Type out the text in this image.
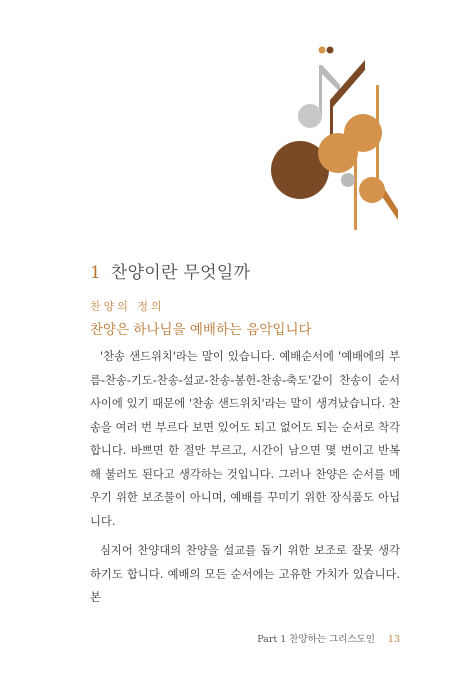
1 찬양이란 무엇일까
찬양의 정의
찬양은 하나님을 예배하는 음악입니다

'찬송 샌드위치'라는 말이 있습니다. 예배순서에 '예배에의 부름-찬송-기도-찬송-설교-찬송-봉헌-찬송-축도'같이 찬송이 순서 사이에 있기 때문에 '찬송 샌드위치'라는 말이 생겨났습니다. 찬송을 여러 번 부르다 보면 있어도 되고 없어도 되는 순서로 착각합니다. 바쁘면 한 절만 부르고, 시간이 남으면 몇 번이고 반복해 불러도 된다고 생각하는 것입니다. 그러나 찬양은 순서를 메우기 위한 보조물이 아니며, 예배를 꾸미기 위한 장식품도 아닙니다.

심지어 찬양대의 찬양을 설교를 돕기 위한 보조로 잘못 생각하기도 합니다. 예배의 모든 순서에는 고유한 가치가 있습니다. 본

Part 1 찬양하는 그리스도인 13
